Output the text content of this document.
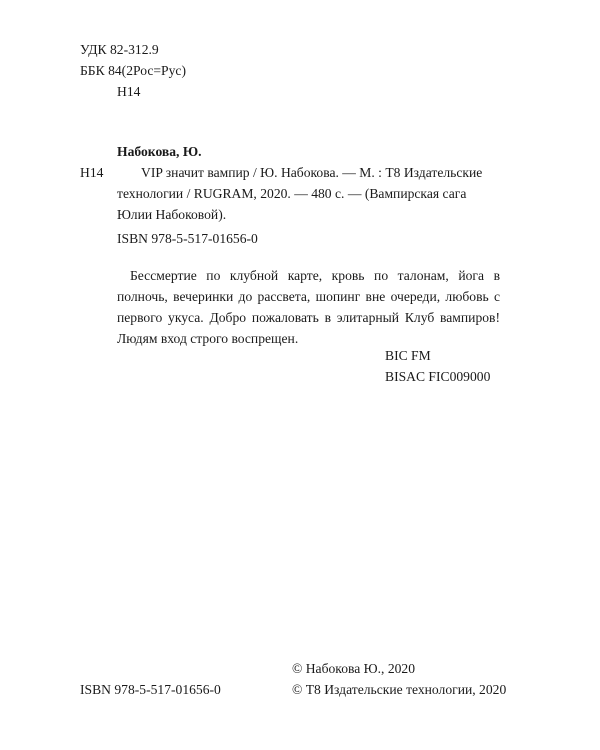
УДК 82-312.9
ББК 84(2Рос=Рус)
Н14
Набокова, Ю.
Н14	VIP значит вампир / Ю. Набокова. — М. : Т8 Издательские технологии / RUGRAM, 2020. — 480 с. — (Вампирская сага Юлии Набоковой).
ISBN 978-5-517-01656-0
Бессмертие по клубной карте, кровь по талонам, йога в полночь, вечеринки до рассвета, шопинг вне очереди, любовь с первого укуса. Добро пожаловать в элитарный Клуб вампиров! Людям вход строго воспрещен.
BIC FM
BISAC FIC009000
© Набокова Ю., 2020
ISBN 978-5-517-01656-0	© Т8 Издательские технологии, 2020
